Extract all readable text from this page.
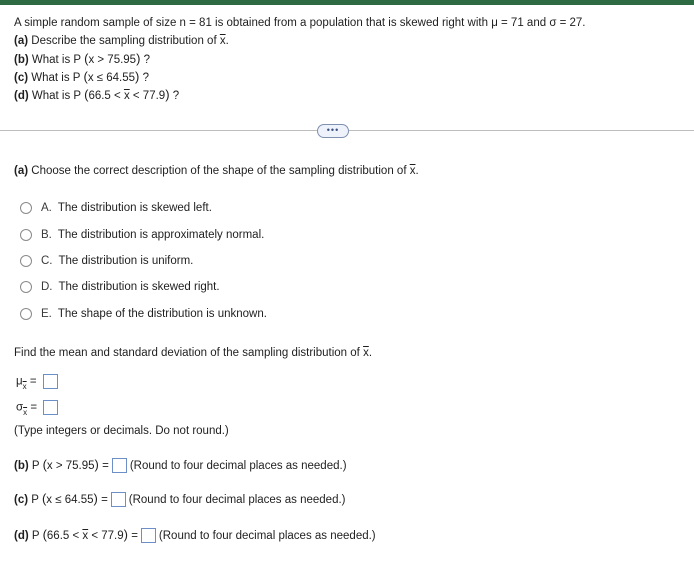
A simple random sample of size n = 81 is obtained from a population that is skewed right with μ = 71 and σ = 27.
(a) Describe the sampling distribution of $\overline{x}$.
(b) What is P (x > 75.95) ?
(c) What is P (x ≤ 64.55) ?
(d) What is P $(66.5 < \overline{x} < 77.9)$ ?
•••
(a) Choose the correct description of the shape of the sampling distribution of $\overline{x}$.
A. The distribution is skewed left.
B. The distribution is approximately normal.
C. The distribution is uniform.
D. The distribution is skewed right.
E. The shape of the distribution is unknown.
Find the mean and standard deviation of the sampling distribution of $\overline{x}$.
$\mu_{\overline{x}}$ =
$\sigma_{\overline{x}}$ =
(Type integers or decimals. Do not round.)
(b) P (x > 75.95) = (Round to four decimal places as needed.)
(c) P (x ≤ 64.55) = (Round to four decimal places as needed.)
(d) P $(66.5 < \overline{x} < 77.9)$ = (Round to four decimal places as needed.)
